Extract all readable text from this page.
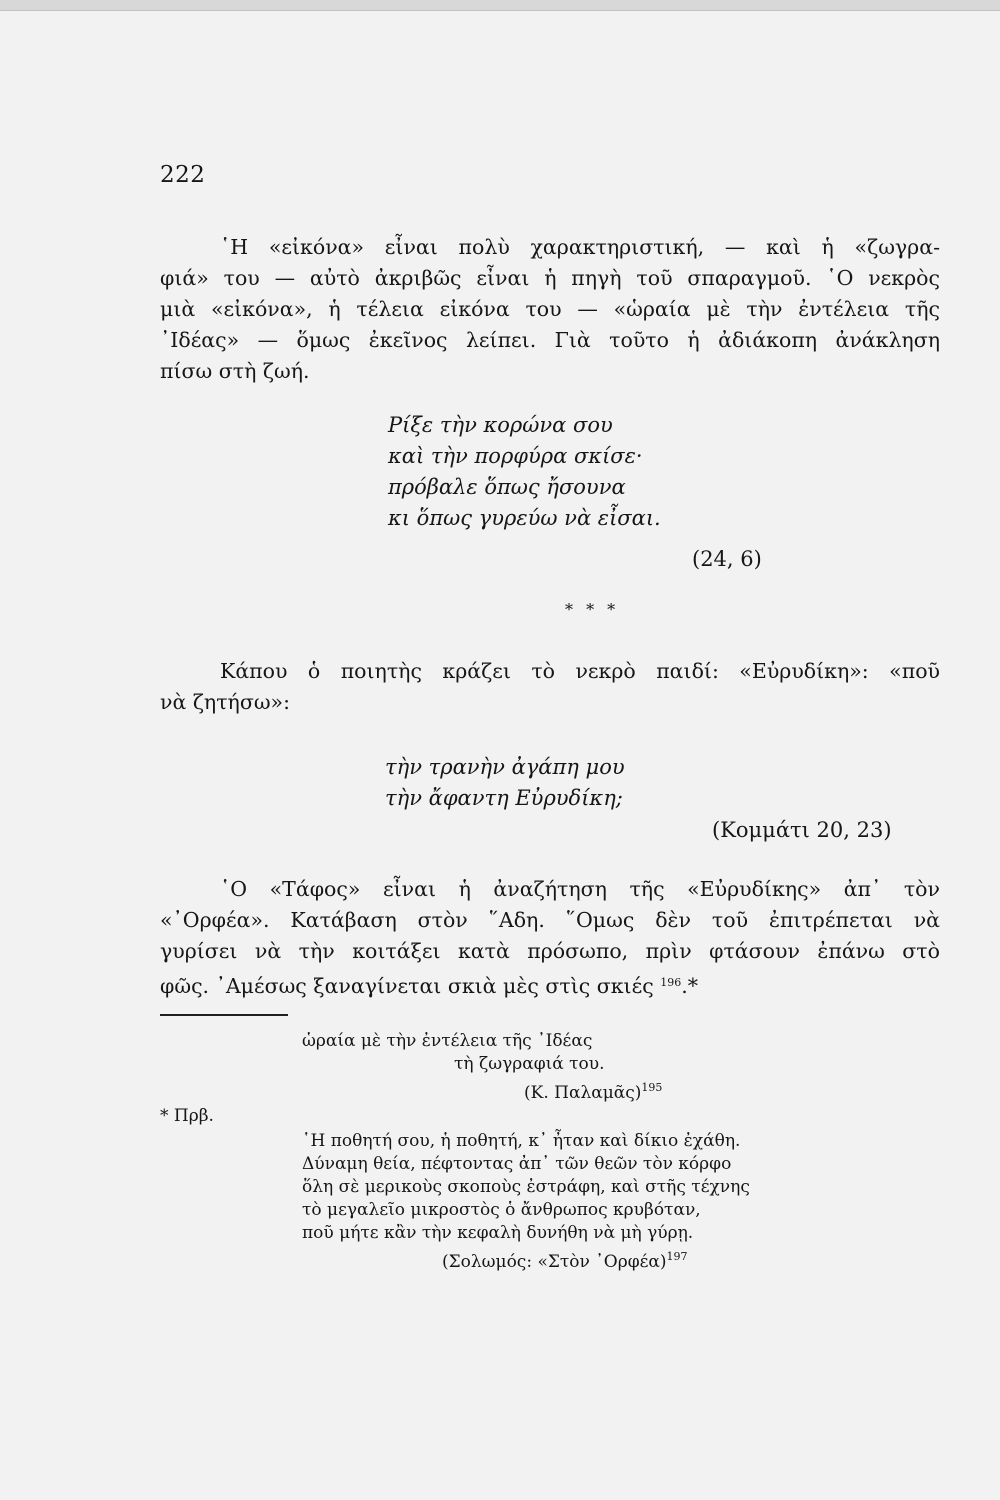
222
῾Η «εἰκόνα» εἶναι πολὺ χαρακτηριστική, — καὶ ἡ «ζωγρα-
φιά» του — αὐτὸ ἀκριβῶς εἶναι ἡ πηγὴ τοῦ σπαραγμοῦ. ῾Ο νεκρὸς
μιὰ «εἰκόνα», ἡ τέλεια εἰκόνα του — «ὡραία μὲ τὴν ἐντέλεια τῆς
᾿Ιδέας» — ὅμως ἐκεῖνος λείπει. Γιὰ τοῦτο ἡ ἀδιάκοπη ἀνάκληση
πίσω στὴ ζωή.
Ρίξε τὴν κορώνα σου
καὶ τὴν πορφύρα σκίσε·
πρόβαλε ὅπως ἤσουνα
κι ὅπως γυρεύω νὰ εἶσαι.
(24, 6)
* * *
Κάπου ὁ ποιητὴς κράζει τὸ νεκρὸ παιδί: «Εὐρυδίκη»: «ποῦ
νὰ ζητήσω»:
τὴν τρανὴν ἀγάπη μου
τὴν ἄφαντη Εὐρυδίκη;
(Κομμάτι 20, 23)
῾Ο «Τάφος» εἶναι ἡ ἀναζήτηση τῆς «Εὐρυδίκης» ἀπ᾿ τὸν
«᾿Ορφέα». Κατάβαση στὸν ῞Αδη. ῞Ομως δὲν τοῦ ἐπιτρέπεται νὰ
γυρίσει νὰ τὴν κοιτάξει κατὰ πρόσωπο, πρὶν φτάσουν ἐπάνω στὸ
φῶς. ᾿Αμέσως ξαναγίνεται σκιὰ μὲς στὶς σκιές $^{196}$.*
* Πρβ.
ὡραία μὲ τὴν ἐντέλεια τῆς ᾿Ιδέας
τὴ ζωγραφιά του.
(Κ. Παλαμᾶς)$^{195}$
῾Η ποθητή σου, ἡ ποθητή, κ᾿ ἦταν καὶ δίκιο ἐχάθη.
Δύναμη θεία, πέφτοντας ἀπ᾿ τῶν θεῶν τὸν κόρφο
ὅλη σὲ μερικοὺς σκοποὺς ἐστράφη, καὶ στῆς τέχνης
τὸ μεγαλεῖο μικροστὸς ὁ ἄνθρωπος κρυβόταν,
ποῦ μήτε κἂν τὴν κεφαλὴ δυνήθη νὰ μὴ γύρῃ.
(Σολωμός: «Στὸν ᾿Ορφέα)$^{197}$
